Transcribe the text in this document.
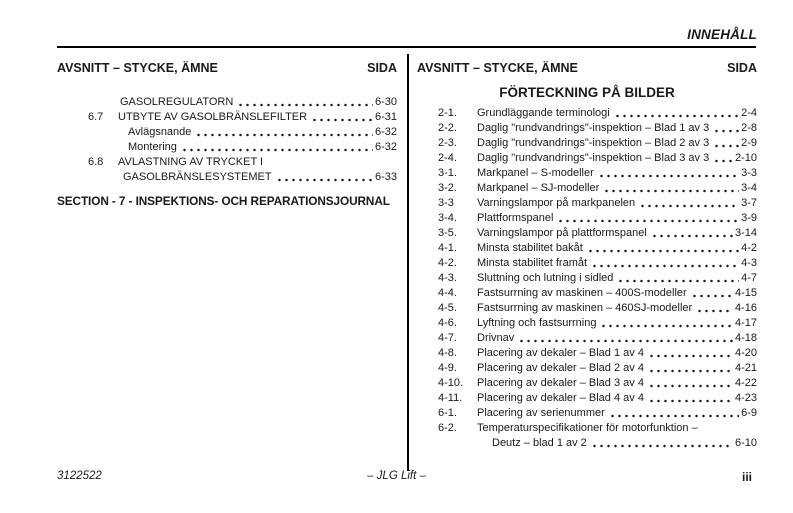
INNEHÅLL
AVSNITT – STYCKE, ÄMNE	SIDA
GASOLREGULATORN	6-30
6.7	UTBYTE AV GASOLBRÄNSLEFILTER	6-31
Avlägsnande	6-32
Montering	6-32
6.8	AVLASTNING AV TRYCKET I
GASOLBRÄNSLESYSTEMET	6-33
SECTION - 7 - INSPEKTIONS- OCH REPARATIONSJOURNAL
AVSNITT – STYCKE, ÄMNE	SIDA
FÖRTECKNING PÅ BILDER
2-1.	Grundläggande terminologi	2-4
2-2.	Daglig "rundvandrings"-inspektion – Blad 1 av 3	2-8
2-3.	Daglig "rundvandrings"-inspektion – Blad 2 av 3	2-9
2-4.	Daglig "rundvandrings"-inspektion – Blad 3 av 3 2-10
3-1.	Markpanel – S-modeller	3-3
3-2.	Markpanel – SJ-modeller	3-4
3-3	Varningslampor på markpanelen	3-7
3-4.	Plattformspanel	3-9
3-5.	Varningslampor på plattformspanel	3-14
4-1.	Minsta stabilitet bakåt	4-2
4-2.	Minsta stabilitet framåt	4-3
4-3.	Sluttning och lutning i sidled	4-7
4-4.	Fastsurrning av maskinen – 400S-modeller	4-15
4-5.	Fastsurrning av maskinen – 460SJ-modeller	4-16
4-6.	Lyftning och fastsurrning	4-17
4-7.	Drivnav	4-18
4-8.	Placering av dekaler – Blad 1 av 4	4-20
4-9.	Placering av dekaler – Blad 2 av 4	4-21
4-10.	Placering av dekaler – Blad 3 av 4	4-22
4-11.	Placering av dekaler – Blad 4 av 4	4-23
6-1.	Placering av serienummer	6-9
6-2.	Temperaturspecifikationer för motorfunktion –
Deutz – blad 1 av 2	6-10
3122522	– JLG Lift –	iii
